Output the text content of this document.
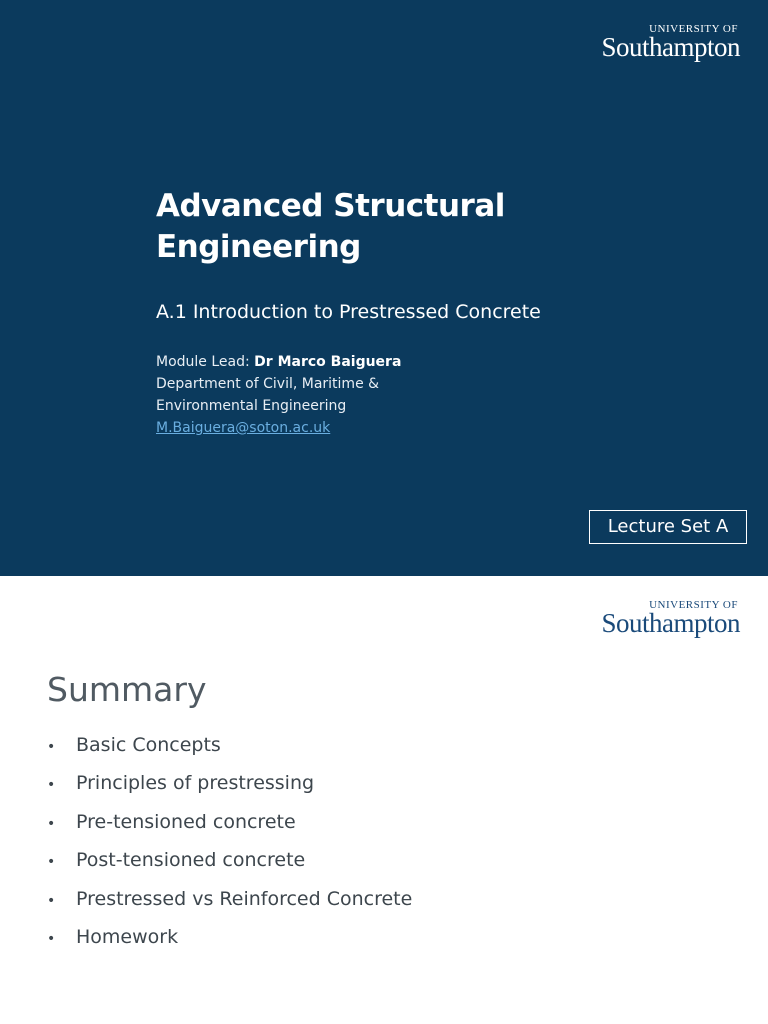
UNIVERSITY OF
Southampton
Advanced Structural
Engineering
A.1 Introduction to Prestressed Concrete
Module Lead: Dr Marco Baiguera
Department of Civil, Maritime &
Environmental Engineering
M.Baiguera@soton.ac.uk
Lecture Set A
UNIVERSITY OF
Southampton
Summary
•	Basic Concepts
•	Principles of prestressing
•	Pre-tensioned concrete
•	Post-tensioned concrete
•	Prestressed vs Reinforced Concrete
•	Homework
